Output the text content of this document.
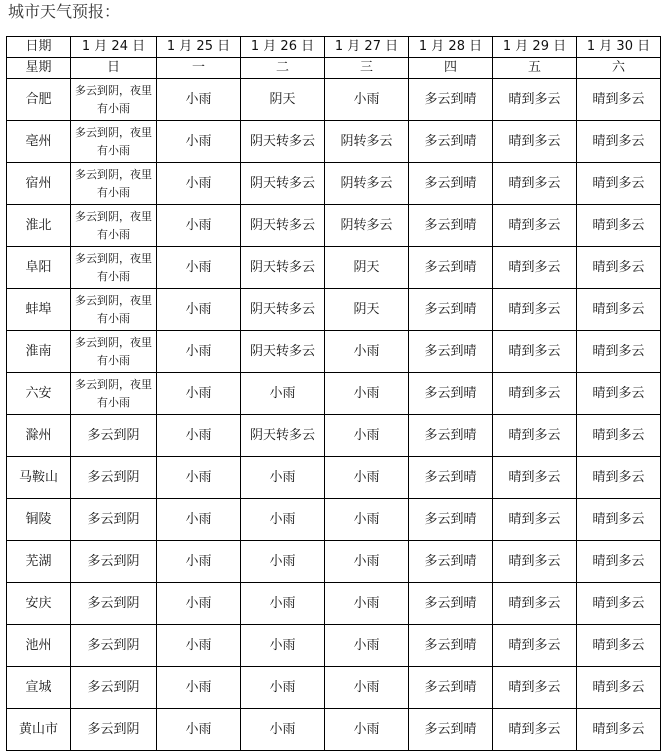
城市天气预报：
日期	1 月 24 日	1 月 25 日	1 月 26 日	1 月 27 日	1 月 28 日	1 月 29 日	1 月 30 日
星期	日	一	二	三	四	五	六
合肥	多云到阴，夜里有小雨	小雨	阴天	小雨	多云到晴	晴到多云	晴到多云
亳州	多云到阴，夜里有小雨	小雨	阴天转多云	阴转多云	多云到晴	晴到多云	晴到多云
宿州	多云到阴，夜里有小雨	小雨	阴天转多云	阴转多云	多云到晴	晴到多云	晴到多云
淮北	多云到阴，夜里有小雨	小雨	阴天转多云	阴转多云	多云到晴	晴到多云	晴到多云
阜阳	多云到阴，夜里有小雨	小雨	阴天转多云	阴天	多云到晴	晴到多云	晴到多云
蚌埠	多云到阴，夜里有小雨	小雨	阴天转多云	阴天	多云到晴	晴到多云	晴到多云
淮南	多云到阴，夜里有小雨	小雨	阴天转多云	小雨	多云到晴	晴到多云	晴到多云
六安	多云到阴，夜里有小雨	小雨	小雨	小雨	多云到晴	晴到多云	晴到多云
滁州	多云到阴	小雨	阴天转多云	小雨	多云到晴	晴到多云	晴到多云
马鞍山	多云到阴	小雨	小雨	小雨	多云到晴	晴到多云	晴到多云
铜陵	多云到阴	小雨	小雨	小雨	多云到晴	晴到多云	晴到多云
芜湖	多云到阴	小雨	小雨	小雨	多云到晴	晴到多云	晴到多云
安庆	多云到阴	小雨	小雨	小雨	多云到晴	晴到多云	晴到多云
池州	多云到阴	小雨	小雨	小雨	多云到晴	晴到多云	晴到多云
宣城	多云到阴	小雨	小雨	小雨	多云到晴	晴到多云	晴到多云
黄山市	多云到阴	小雨	小雨	小雨	多云到晴	晴到多云	晴到多云
